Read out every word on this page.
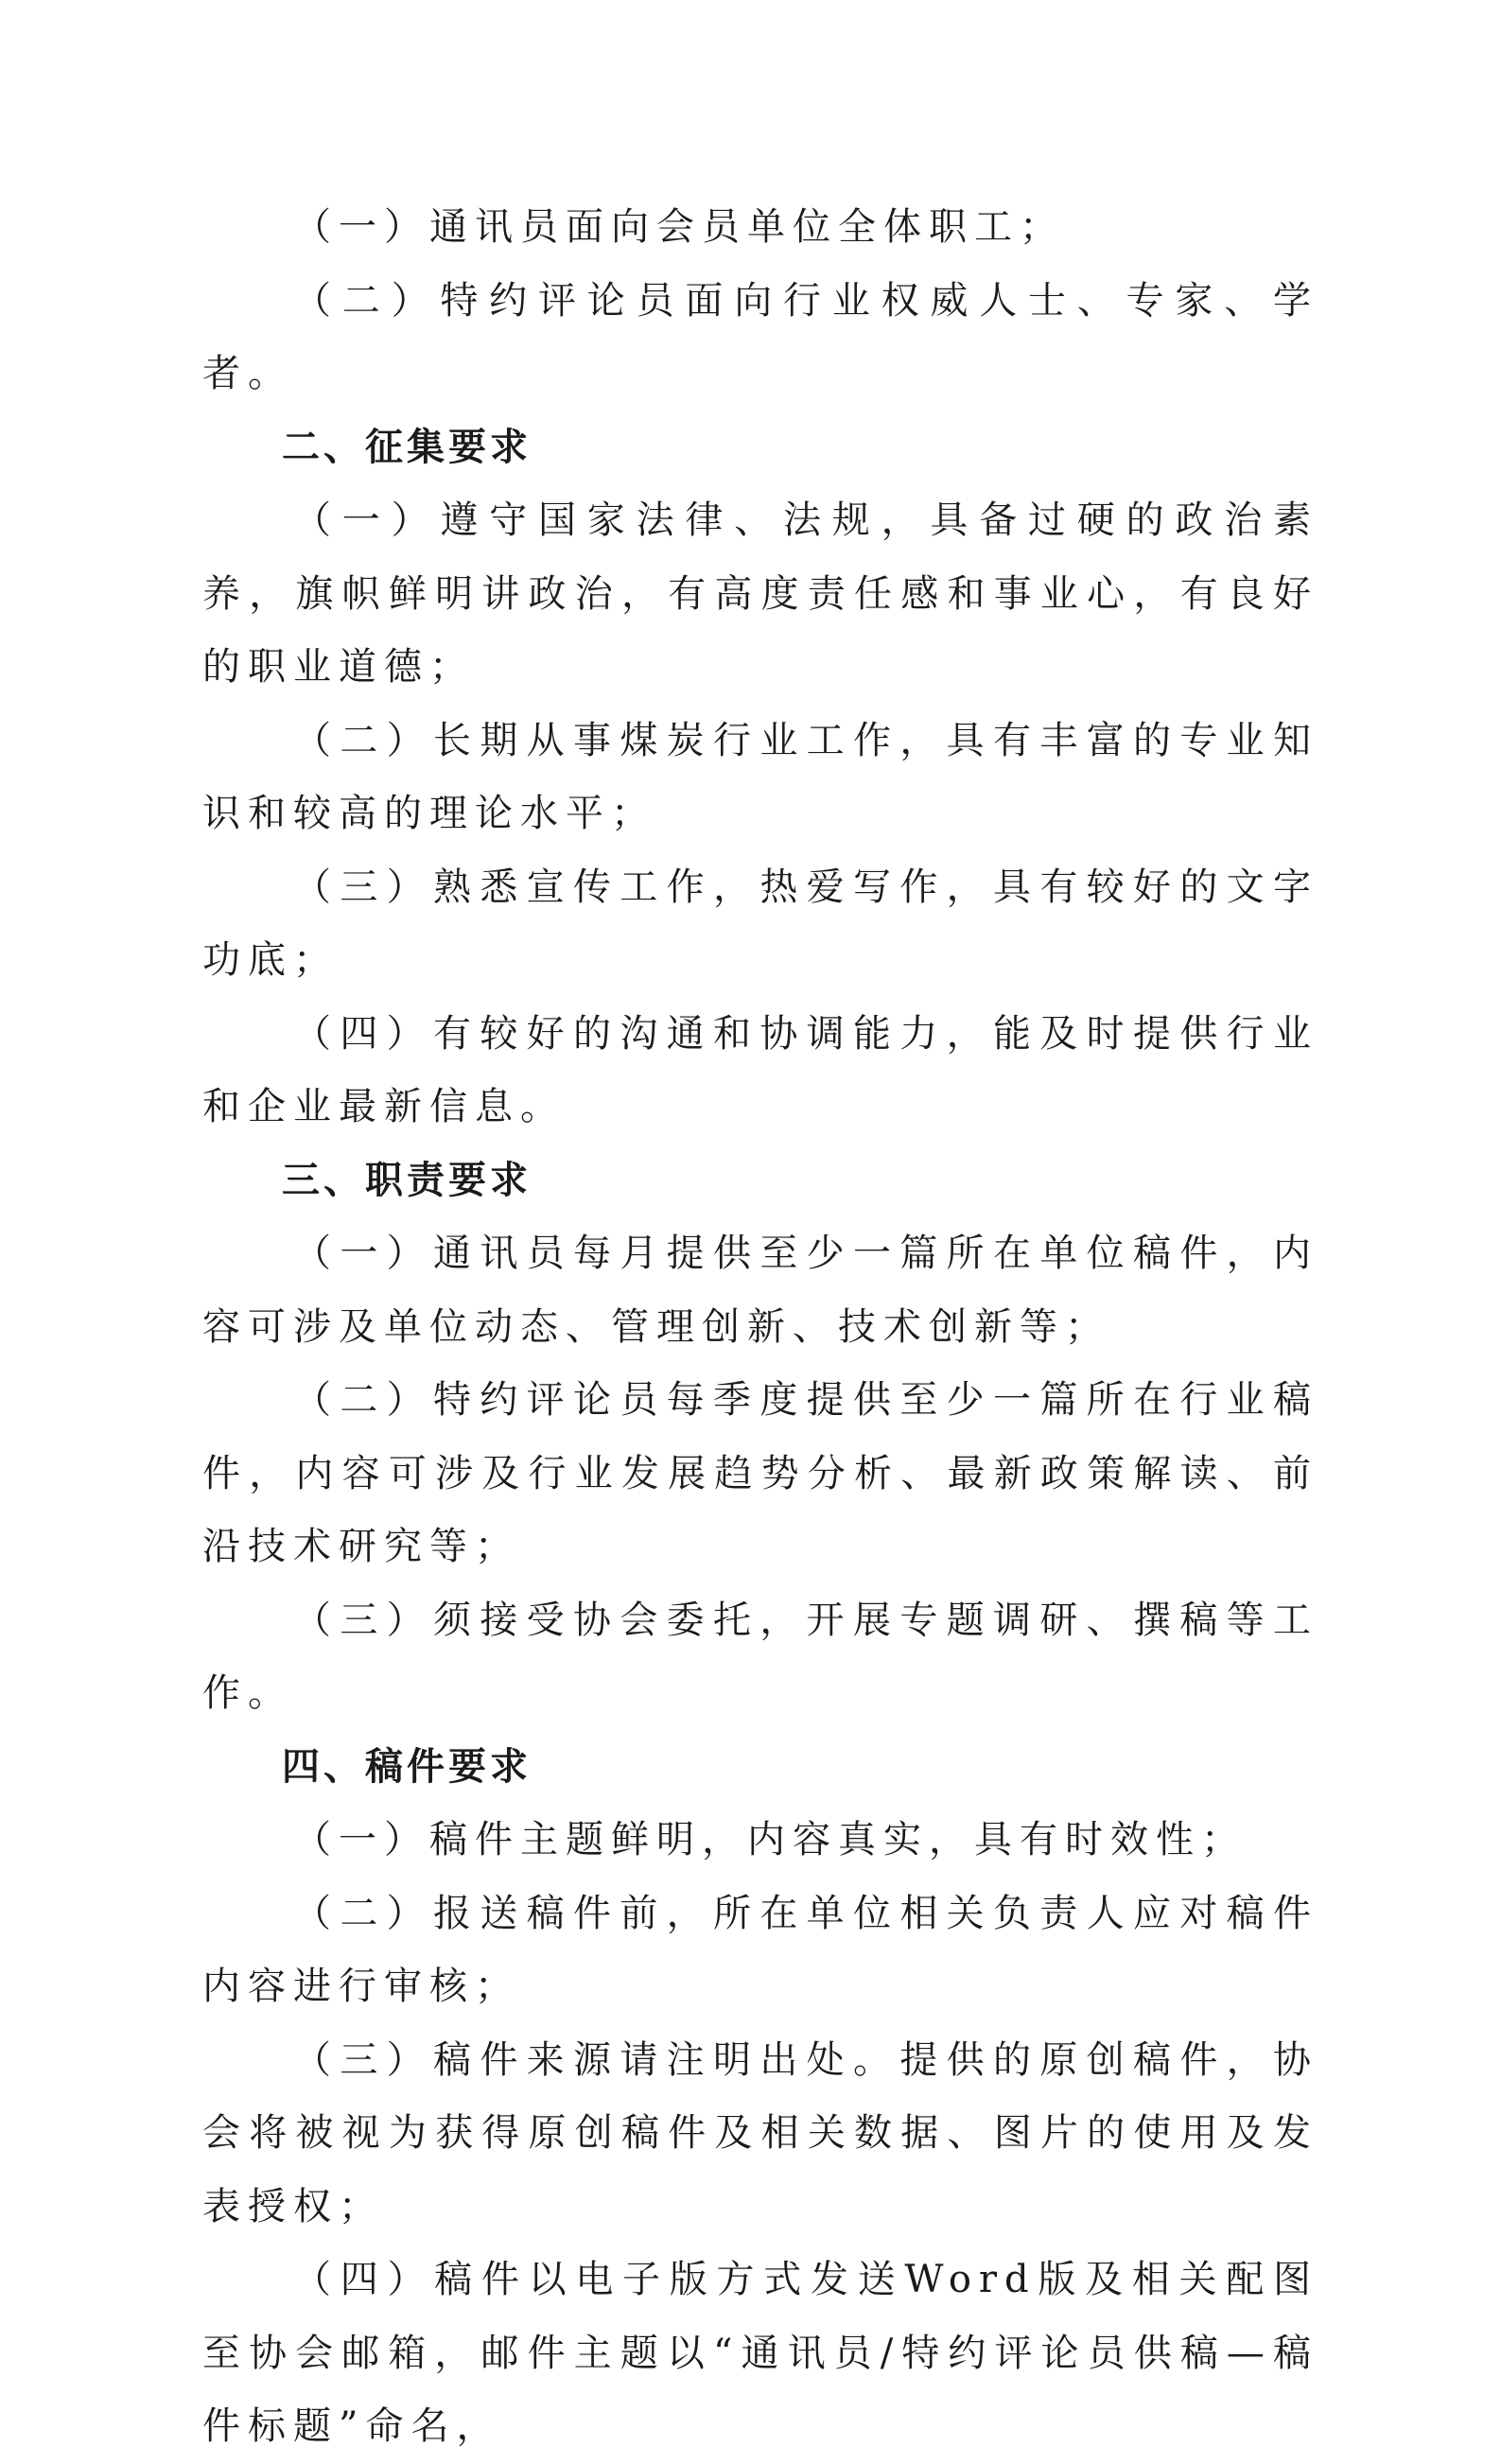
（一）通讯员面向会员单位全体职工；

（二）特约评论员面向行业权威人士、专家、学者。

二、征集要求

（一）遵守国家法律、法规，具备过硬的政治素养，旗帜鲜明讲政治，有高度责任感和事业心，有良好的职业道德；

（二）长期从事煤炭行业工作，具有丰富的专业知识和较高的理论水平；

（三）熟悉宣传工作，热爱写作，具有较好的文字功底；

（四）有较好的沟通和协调能力，能及时提供行业和企业最新信息。

三、职责要求

（一）通讯员每月提供至少一篇所在单位稿件，内容可涉及单位动态、管理创新、技术创新等；

（二）特约评论员每季度提供至少一篇所在行业稿件，内容可涉及行业发展趋势分析、最新政策解读、前沿技术研究等；

（三）须接受协会委托，开展专题调研、撰稿等工作。

四、稿件要求

（一）稿件主题鲜明，内容真实，具有时效性；

（二）报送稿件前，所在单位相关负责人应对稿件内容进行审核；

（三）稿件来源请注明出处。提供的原创稿件，协会将被视为获得原创稿件及相关数据、图片的使用及发表授权；

（四）稿件以电子版方式发送Word版及相关配图至协会邮箱，邮件主题以“通讯员/特约评论员供稿—稿件标题”命名，
